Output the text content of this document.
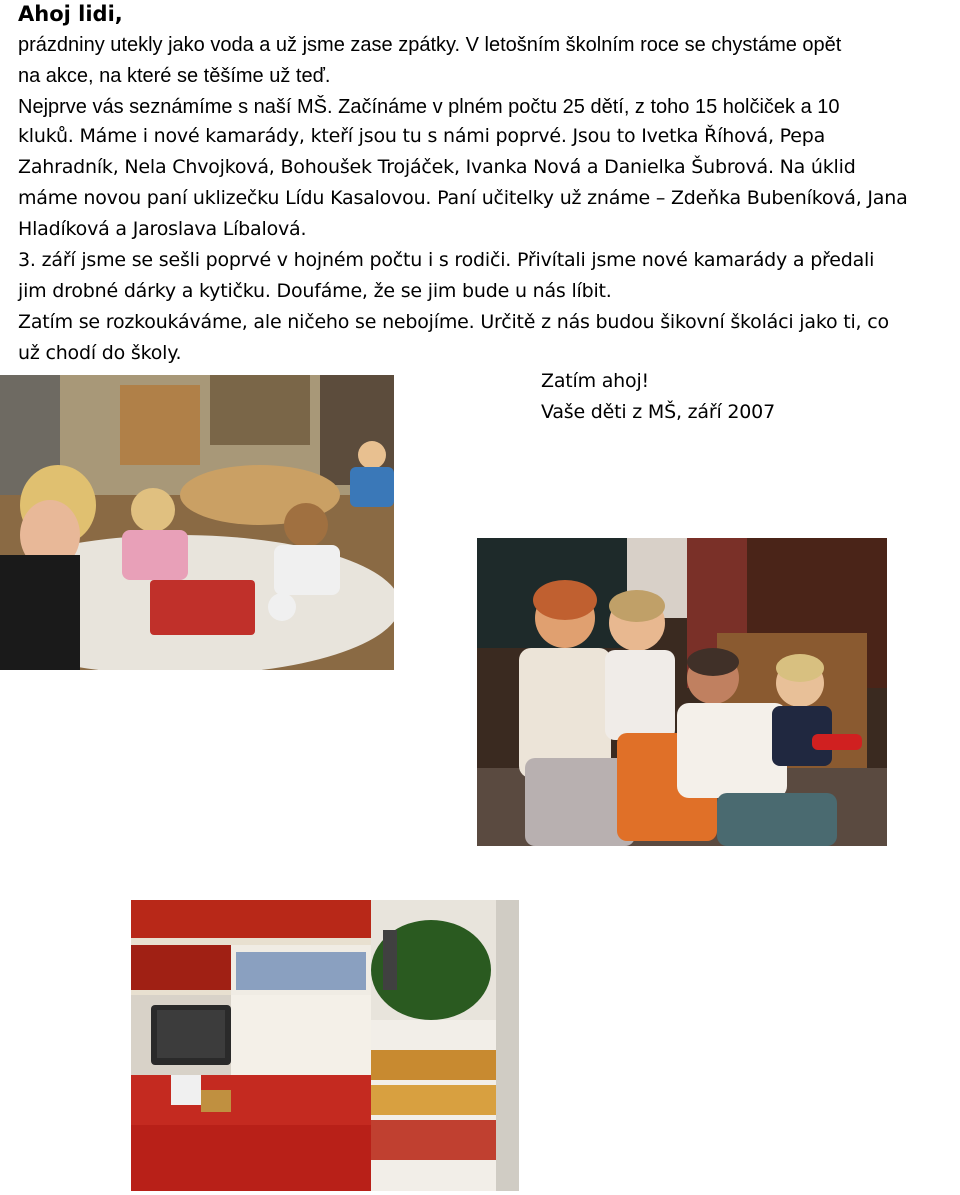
Ahoj lidi,
prázdniny utekly jako voda a už jsme zase zpátky. V letošním školním roce se chystáme opět
na akce, na které se těšíme už teď.
Nejprve vás seznámíme s naší MŠ. Začínáme v plném počtu 25 dětí, z toho 15 holčiček a 10
kluků. Máme i nové kamarády, kteří jsou tu s námi poprvé. Jsou to Ivetka Říhová, Pepa
Zahradník, Nela Chvojková, Bohoušek Trojáček, Ivanka Nová a Danielka Šubrová. Na úklid
máme novou paní uklizečku Lídu Kasalovou. Paní učitelky už známe – Zdeňka Bubeníková, Jana
Hladíková a Jaroslava Líbalová.
3. září jsme se sešli poprvé v hojném počtu i s rodiči. Přivítali jsme nové kamarády a předali
jim drobné dárky a kytičku. Doufáme, že se jim bude u nás líbit.
Zatím se rozkoukáváme, ale ničeho se nebojíme. Určitě z nás budou šikovní školáci jako ti, co
už chodí do školy.
Zatím ahoj!
Vaše děti z MŠ, září 2007
